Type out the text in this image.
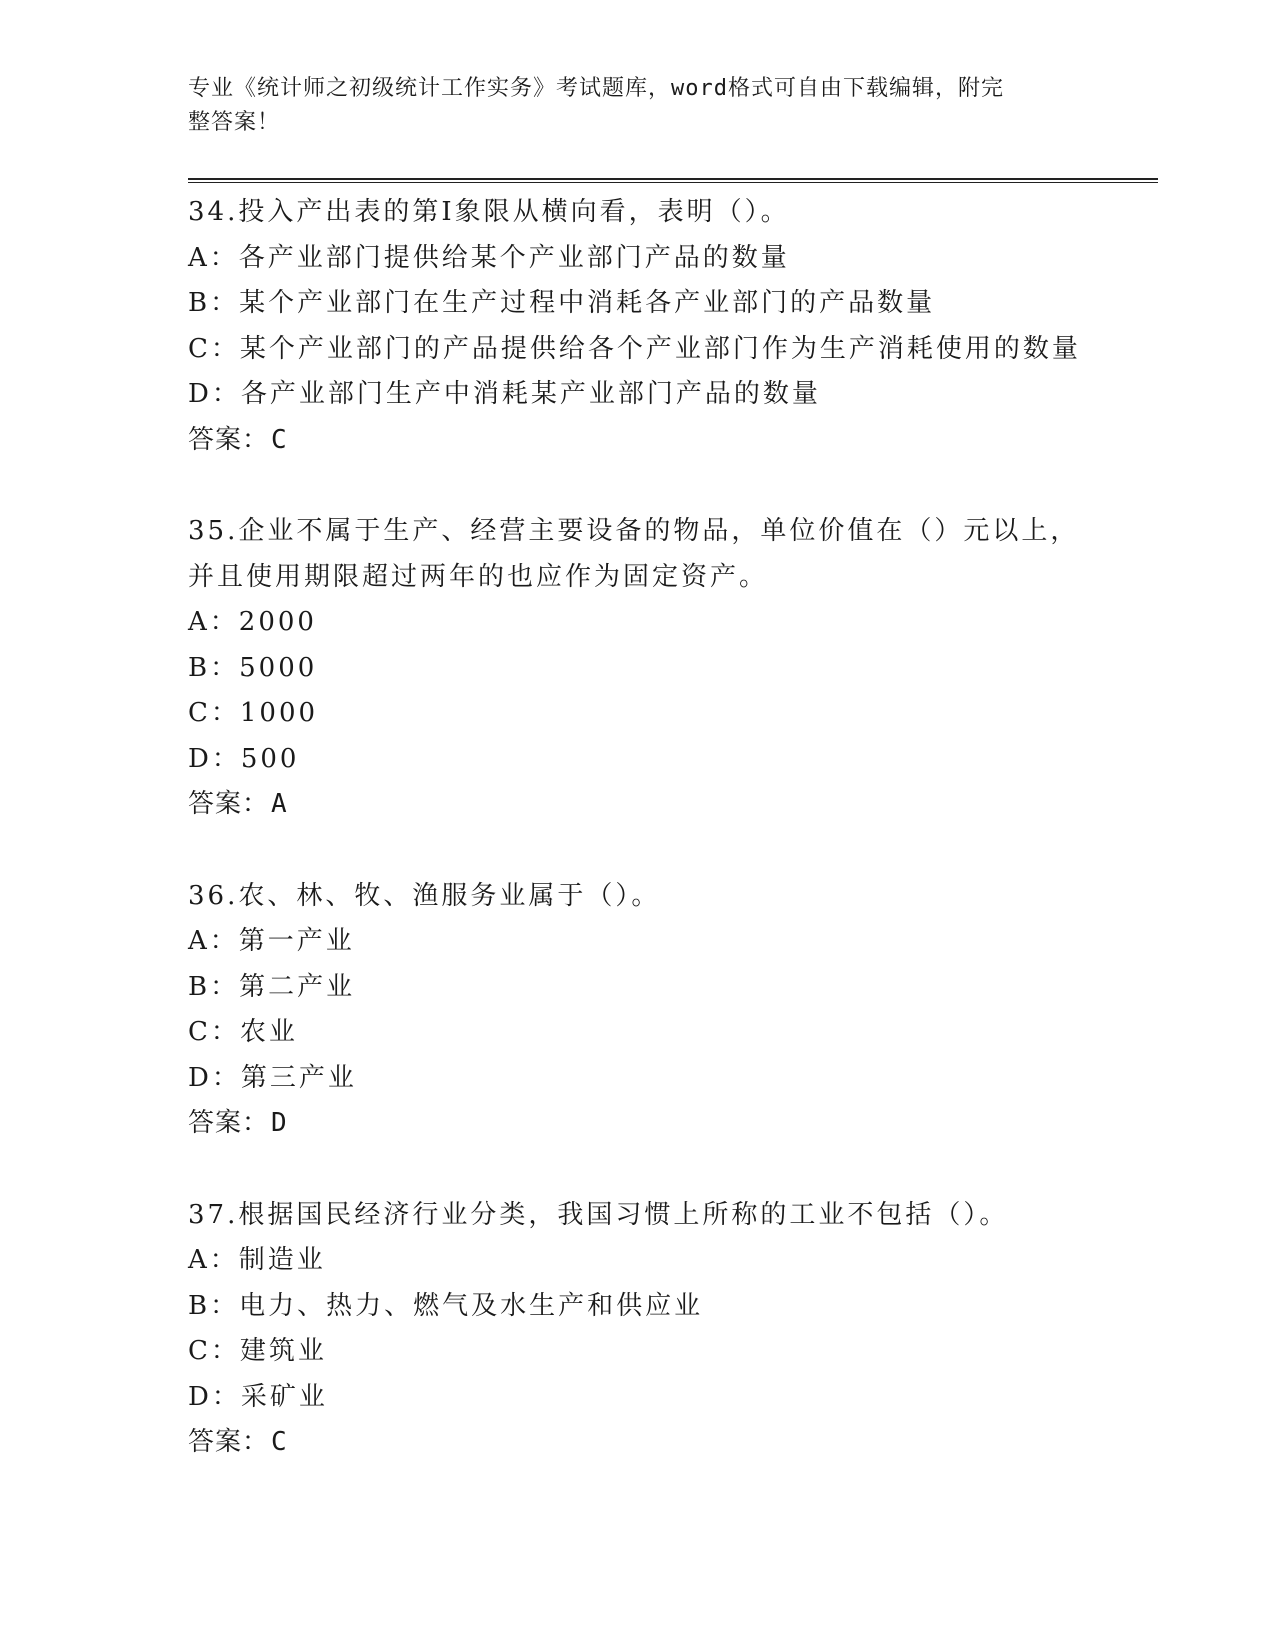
专业《统计师之初级统计工作实务》考试题库，word格式可自由下载编辑，附完
整答案！
34.投入产出表的第Ⅰ象限从横向看，表明（）。
A：各产业部门提供给某个产业部门产品的数量
B：某个产业部门在生产过程中消耗各产业部门的产品数量
C：某个产业部门的产品提供给各个产业部门作为生产消耗使用的数量
D：各产业部门生产中消耗某产业部门产品的数量
答案：C
35.企业不属于生产、经营主要设备的物品，单位价值在（）元以上，
并且使用期限超过两年的也应作为固定资产。
A：2000
B：5000
C：1000
D：500
答案：A
36.农、林、牧、渔服务业属于（）。
A：第一产业
B：第二产业
C：农业
D：第三产业
答案：D
37.根据国民经济行业分类，我国习惯上所称的工业不包括（）。
A：制造业
B：电力、热力、燃气及水生产和供应业
C：建筑业
D：采矿业
答案：C
